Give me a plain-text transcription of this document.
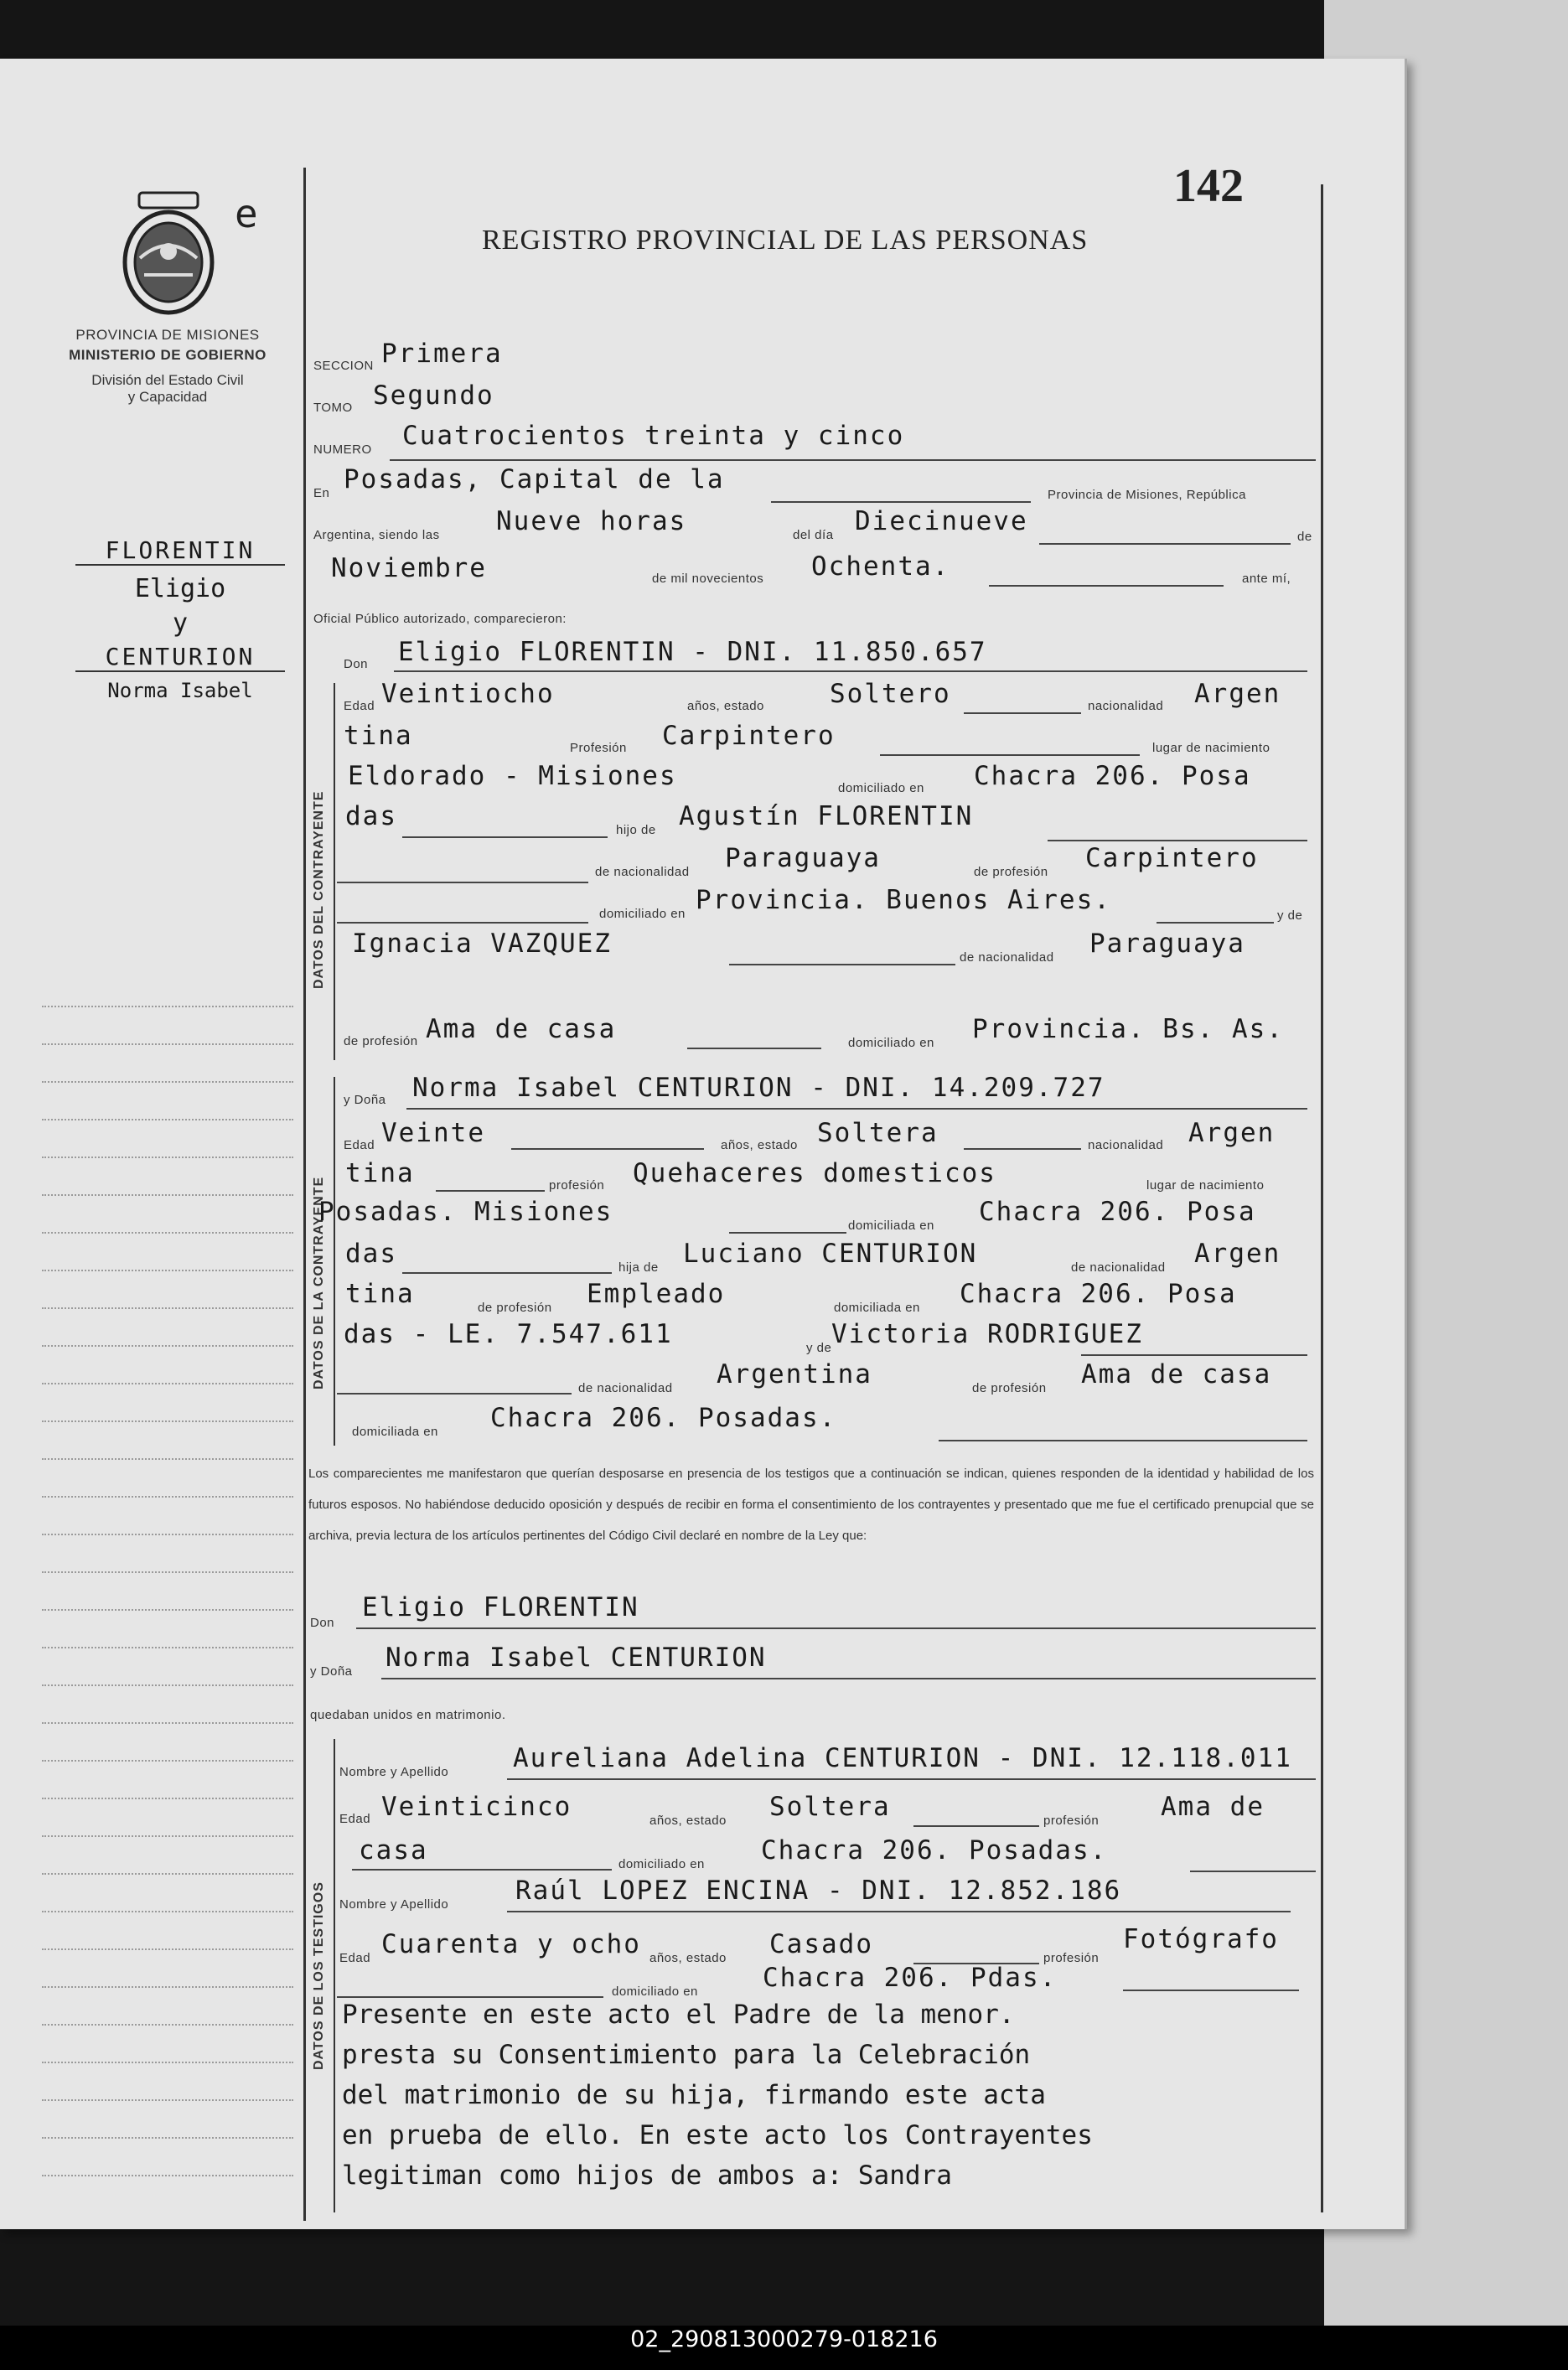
e
142
REGISTRO PROVINCIAL DE LAS PERSONAS
PROVINCIA DE MISIONES
MINISTERIO DE GOBIERNO
División del Estado Civil
y Capacidad
FLORENTIN
Eligio
y
CENTURION
Norma Isabel
DATOS DEL CONTRAYENTE
DATOS DE LA CONTRAYENTE
DATOS DE LOS TESTIGOS
SECCION Primera
TOMO Segundo
NUMERO Cuatrocientos treinta y cinco
En Posadas, Capital de la
Provincia de Misiones, República
Argentina, siendo las Nueve horas	del día Diecinueve
de
Noviembre	de mil novecientos Ochenta.	ante mí,
Oficial Público autorizado, comparecieron:
Don Eligio FLORENTIN - DNI. 11.850.657
Edad Veintiocho	años, estado	Soltero	nacionalidad Argen
tina	Profesión Carpintero	lugar de nacimiento
Eldorado - Misiones	domiciliado en Chacra 206. Posa
das	hijo de Agustín FLORENTIN
de nacionalidad Paraguaya	de profesión Carpintero
domiciliado en Provincia. Buenos Aires.
y de
Ignacia VAZQUEZ	de nacionalidad Paraguaya
de profesión Ama de casa	domiciliado en Provincia. Bs. As.
y Doña Norma Isabel CENTURION - DNI. 14.209.727
Edad Veinte	años, estado Soltera	nacionalidad Argen
tina	profesión Quehaceres domesticos	lugar de nacimiento
Posadas. Misiones	domiciliada en Chacra 206. Posa
das	hija de Luciano CENTURION	de nacionalidad Argen
tina	de profesión Empleado	domiciliada en Chacra 206. Posa
das - LE. 7.547.611	y de Victoria RODRIGUEZ
de nacionalidad Argentina	de profesión Ama de casa
domiciliada en Chacra 206. Posadas.
Los comparecientes me manifestaron que querían desposarse en presencia de los testigos que a continuación se indican, quienes responden de la identidad y habilidad de los futuros esposos. No habiéndose deducido oposición y después de recibir en forma el consentimiento de los contrayentes y presentado que me fue el certificado prenupcial que se archiva, previa lectura de los artículos pertinentes del Código Civil declaré en nombre de la Ley que:
Don
Eligio FLORENTIN
y Doña Norma Isabel CENTURION
quedaban unidos en matrimonio.
Nombre y Apellido Aureliana Adelina CENTURION - DNI. 12.118.011
Edad Veinticinco	años, estado Soltera	profesión Ama de
casa	domiciliado en Chacra 206. Posadas.
Nombre y Apellido	Raúl LOPEZ ENCINA - DNI. 12.852.186
Edad Cuarenta y ocho años, estado Casado	profesión
Fotógrafo
domiciliado en Chacra 206. Pdas.
Presente en este acto el Padre de la menor.
presta su Consentimiento para la Celebración
del matrimonio de su hija, firmando este acta
en prueba de ello. En este acto los Contrayentes
legitiman como hijos de ambos a: Sandra
02_290813000279-018216
